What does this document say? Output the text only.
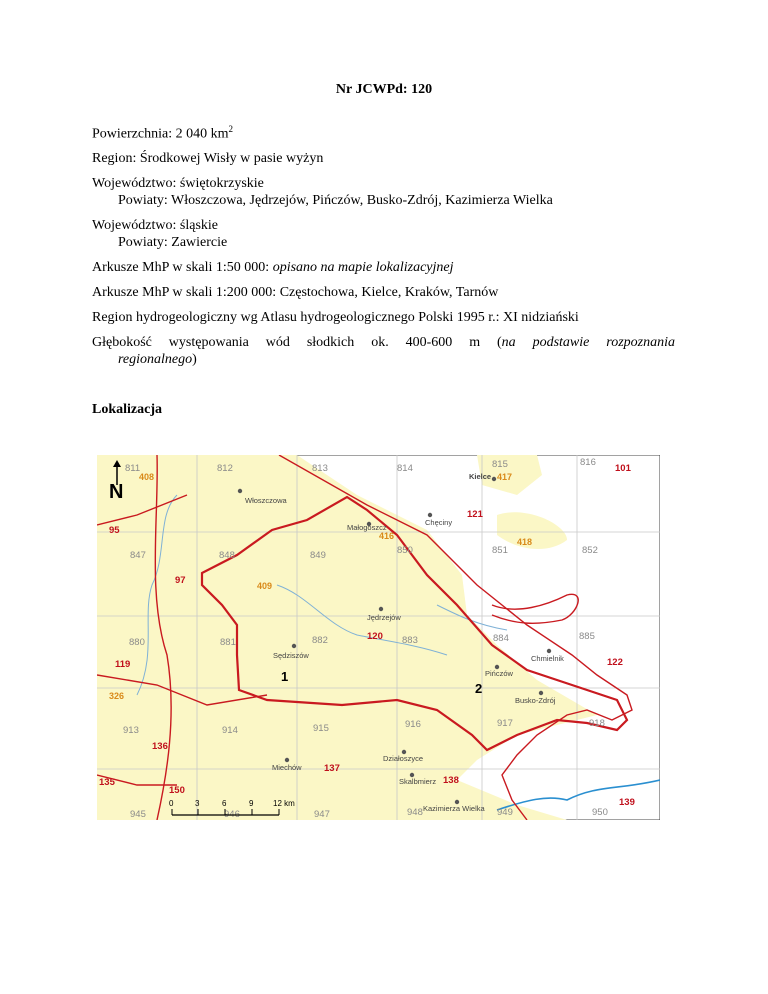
Nr JCWPd: 120
Powierzchnia: 2 040 $km^2$
Region: Środkowej Wisły w pasie wyżyn
Województwo: świętokrzyskie
Powiaty: Włoszczowa, Jędrzejów, Pińczów, Busko-Zdrój, Kazimierza Wielka
Województwo: śląskie
Powiaty: Zawiercie
Arkusze MhP w skali 1:50 000: opisano na mapie lokalizacyjnej
Arkusze MhP w skali 1:200 000: Częstochowa, Kielce, Kraków, Tarnów
Region hydrogeologiczny wg Atlasu hydrogeologicznego Polski 1995 r.: XI nidziański
Głębokość występowania wód słodkich ok. 400-600 m (na podstawie rozpoznania
regionalnego)
Lokalizacja
N
811	812	813	814	815	816
847	848	849	850	851	852
880	881	882	883	884	885
913	914	915	916	917	918
945	946	947	948	949	950
101
121
95
97
119	122
136
137
135
150
138
139
120
408
416
418
409
326
417
1
2
Kielce
Włoszczowa
Małogoszcz
Chęciny
Jędrzejów
Chmielnik
Sędziszów
Pińczów
Busko-Zdrój
Miechów
Działoszyce
Skalbmierz
Kazimierza Wielka
0	3	6	9 12 km
